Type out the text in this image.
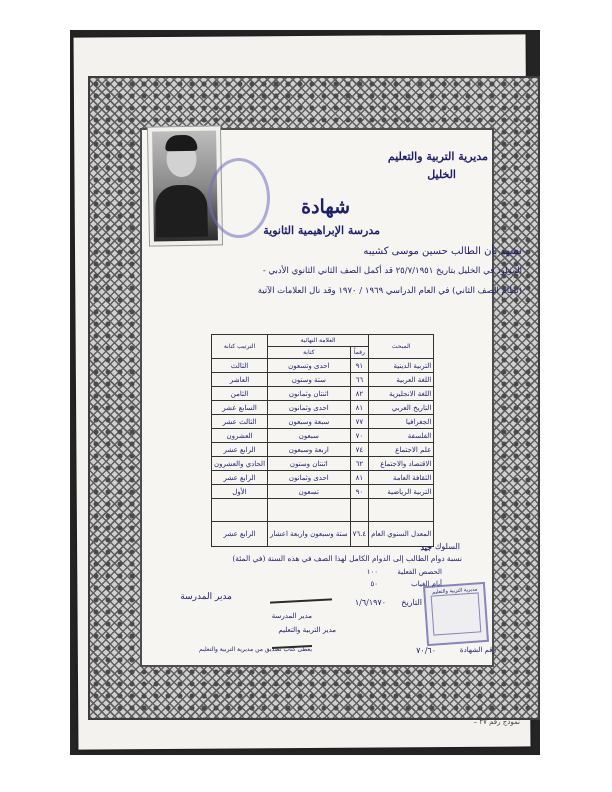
مديرية التربية والتعليم
الخليل
شهادة
مدرسة الإبراهيمية الثانوية
نشهد بأن الطالب حسين موسى كشيبه
المولود في الخليل بتاريخ ٢٥/٧/١٩٥١ قد أكمل الصف الثاني الثانوي الأدبي -
(نظام الصف الثاني) في العام الدراسي ١٩٦٩ / ١٩٧٠ وقد نال العلامات الآتية
المبحث	العلامة النهائية		الترتيب كتابة
	رقماً	كتابة	
التربية الدينية	٩١	احدى وتسعون	الثالث
اللغة العربية	٦٦	ستة وستون	العاشر
اللغة الانجليزية	٨٢	اثنتان وثمانون	الثامن
التاريخ العربي	٨١	احدى وثمانون	السابع عشر
الجغرافيا	٧٧	سبعة وسبعون	الثالث عشر
الفلسفة	٧٠	سبعون	العشرون
علم الاجتماع	٧٤	اربعة وسبعون	الرابع عشر
الاقتصاد والاجتماع	٦٢	اثنتان وستون	الحادي والعشرون
الثقافة العامة	٨١	احدى وثمانون	الرابع عشر
التربية الرياضية	٩٠	تسعون	الأول

المعدل السنوي العام	٧٦.٤	ستة وسبعون واربعة اعشار	الرابع عشر
السلوك
جيد
نسبة دوام الطالب إلى الدوام الكامل لهذا الصف في هذه السنة (في المئة)
الحصص الفعلية
١٠٠
أيام الغياب
٥٠
التاريخ
١/٦/١٩٧٠
مديرية التربية والتعليم
مدير المدرسة
مدير التربية والتعليم
مدير المدرسة
رقم الشهادة
٧٠/٦٠
يعطى كتاب تصديق من مديرية التربية والتعليم
نموذج رقم ٢٧ –
